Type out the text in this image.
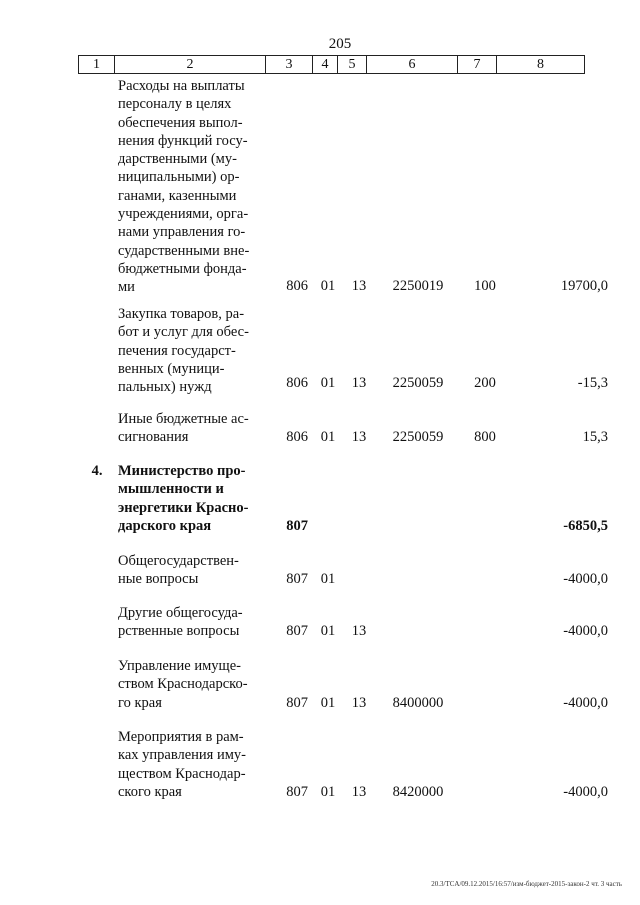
205
1	2	3	4	5	6	7	8
Расходы на выплаты
персоналу в целях
обеспечения выпол-
нения функций госу-
дарственными (му-
ниципальными) ор-
ганами, казенными
учреждениями, орга-
нами управления го-
сударственными вне-
бюджетными фонда-
ми	806 01 13	2250019	100	19700,0
Закупка товаров, ра-
бот и услуг для обес-
печения государст-
венных (муници-
пальных) нужд	806 01 13	2250059	200	-15,3
Иные бюджетные ас-
сигнования	806 01 13	2250059	800	15,3
4.	Министерство про-
мышленности и
энергетики Красно-
дарского края	807	-6850,5
Общегосударствен-
ные вопросы	807 01	-4000,0
Другие общегосуда-
рственные вопросы	807 01 13	-4000,0
Управление имуще-
ством Краснодарско-
го края	807 01 13	8400000	-4000,0
Мероприятия в рам-
ках управления иму-
ществом Краснодар-
ского края	807 01 13	8420000	-4000,0
20.3/TCA/09.12.2015/16:57/изм-бюджет-2015-закон-2 чт. 3 часть
